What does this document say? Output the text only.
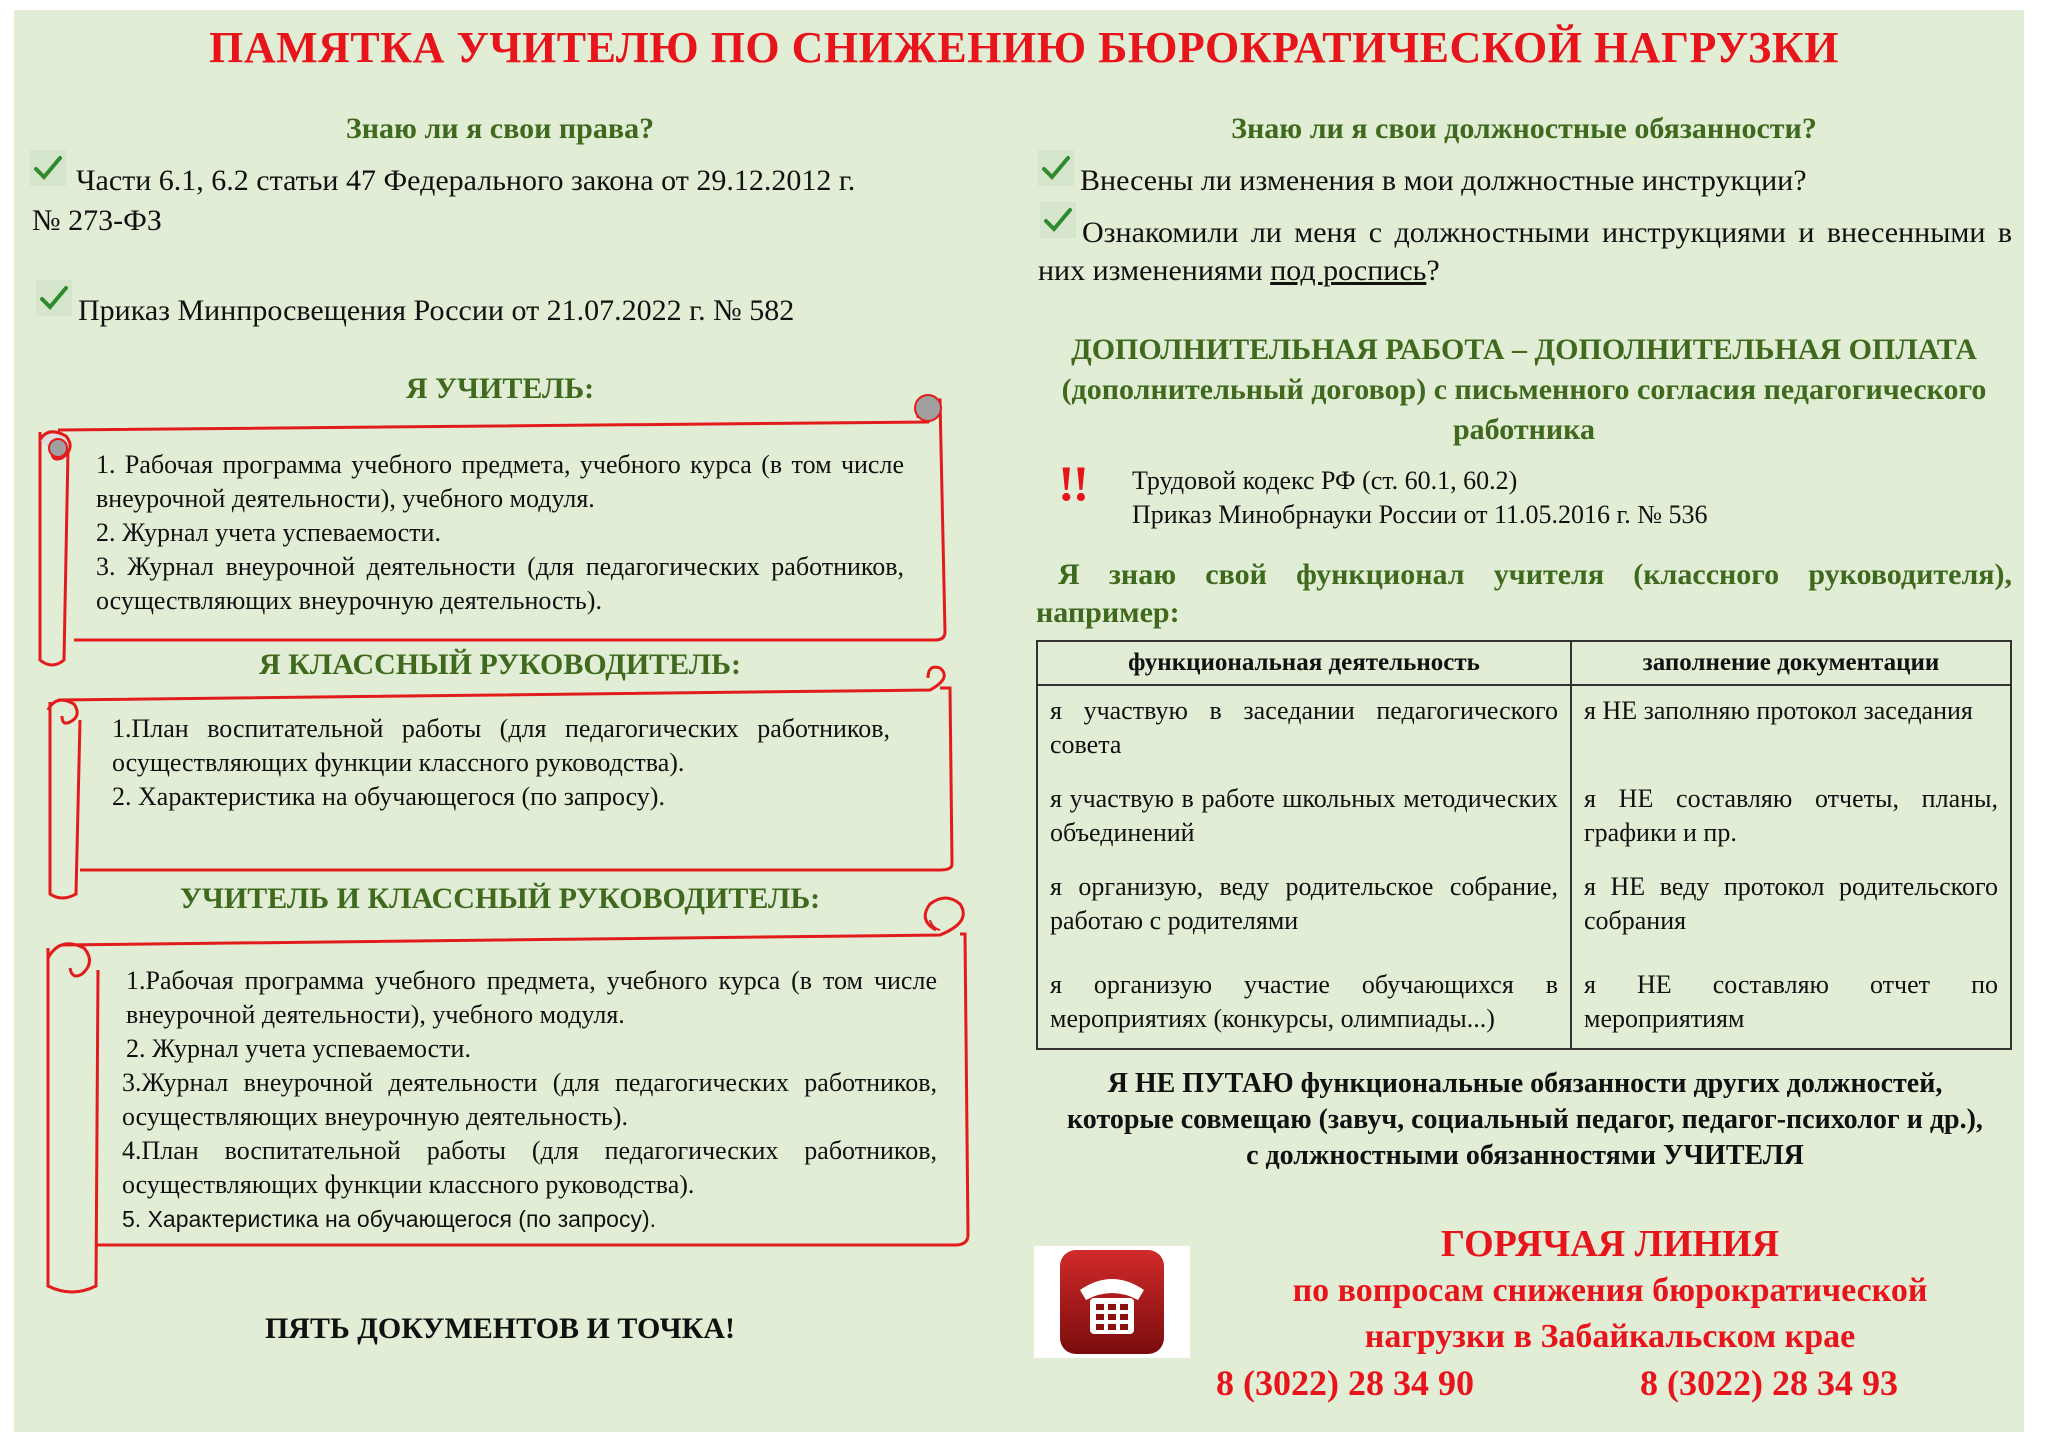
ПАМЯТКА УЧИТЕЛЮ ПО СНИЖЕНИЮ БЮРОКРАТИЧЕСКОЙ НАГРУЗКИ
Знаю ли я свои права?
Части 6.1, 6.2 статьи 47 Федерального закона от 29.12.2012 г.
№ 273-ФЗ
Приказ Минпросвещения России от 21.07.2022 г. № 582
Я УЧИТЕЛЬ:
1. Рабочая программа учебного предмета, учебного курса (в том числе внеурочной деятельности), учебного модуля.
2. Журнал учета успеваемости.
3. Журнал внеурочной деятельности (для педагогических работников, осуществляющих внеурочную деятельность).
Я КЛАССНЫЙ РУКОВОДИТЕЛЬ:
1.План воспитательной работы (для педагогических работников, осуществляющих функции классного руководства).
2. Характеристика на обучающегося (по запросу).
УЧИТЕЛЬ И КЛАССНЫЙ РУКОВОДИТЕЛЬ:
1.Рабочая программа учебного предмета, учебного курса (в том числе внеурочной деятельности), учебного модуля.
2. Журнал учета успеваемости.
3.Журнал внеурочной деятельности (для педагогических работников, осуществляющих внеурочную деятельность).
4.План воспитательной работы (для педагогических работников, осуществляющих функции классного руководства).
5. Характеристика на обучающегося (по запросу).
ПЯТЬ ДОКУМЕНТОВ И ТОЧКА!
Знаю ли я свои должностные обязанности?
Внесены ли изменения в мои должностные инструкции?
Ознакомили ли меня с должностными инструкциями и внесенными в них изменениями под роспись?
ДОПОЛНИТЕЛЬНАЯ РАБОТА – ДОПОЛНИТЕЛЬНАЯ ОПЛАТА (дополнительный договор) с письменного согласия педагогического работника
!! Трудовой кодекс РФ (ст. 60.1, 60.2)
Приказ Минобрнауки России от 11.05.2016 г. № 536
Я знаю свой функционал учителя (классного руководителя), например:
функциональная деятельность	заполнение документации
я участвую в заседании педагогического совета	я НЕ заполняю протокол заседания
я участвую в работе школьных методических объединений	я НЕ составляю отчеты, планы, графики и пр.
я организую, веду родительское собрание, работаю с родителями	я НЕ веду протокол родительского собрания
я организую участие обучающихся в мероприятиях (конкурсы, олимпиады...)	я НЕ составляю отчет по мероприятиям
Я НЕ ПУТАЮ функциональные обязанности других должностей, которые совмещаю (завуч, социальный педагог, педагог-психолог и др.), с должностными обязанностями УЧИТЕЛЯ
ГОРЯЧАЯ ЛИНИЯ
по вопросам снижения бюрократической
нагрузки в Забайкальском крае
8 (3022) 28 34 90	8 (3022) 28 34 93
